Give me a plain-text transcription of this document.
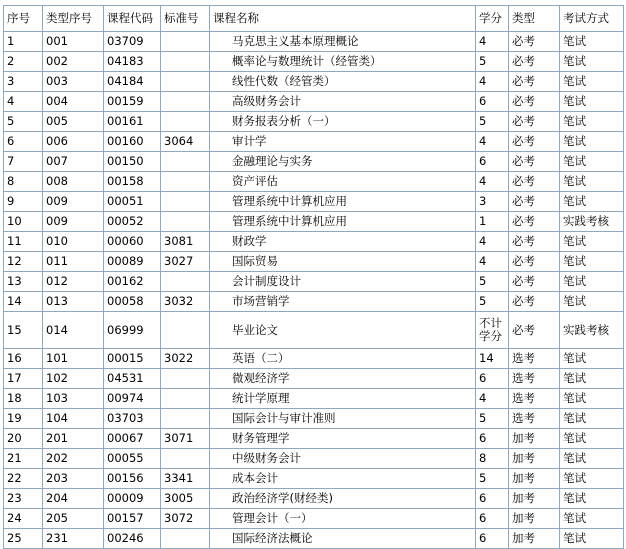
序号	类型序号	课程代码	标准号	课程名称	学分	类型	考试方式
1	001	03709		马克思主义基本原理概论	4	必考	笔试
2	002	04183		概率论与数理统计（经管类）	5	必考	笔试
3	003	04184		线性代数（经管类）	4	必考	笔试
4	004	00159		高级财务会计	6	必考	笔试
5	005	00161		财务报表分析（一）	5	必考	笔试
6	006	00160	3064	审计学	4	必考	笔试
7	007	00150		金融理论与实务	6	必考	笔试
8	008	00158		资产评估	4	必考	笔试
9	009	00051		管理系统中计算机应用	3	必考	笔试
10	009	00052		管理系统中计算机应用	1	必考	实践考核
11	010	00060	3081	财政学	4	必考	笔试
12	011	00089	3027	国际贸易	4	必考	笔试
13	012	00162		会计制度设计	5	必考	笔试
14	013	00058	3032	市场营销学	5	必考	笔试
15	014	06999		毕业论文	不计学分	必考	实践考核
16	101	00015	3022	英语（二）	14	选考	笔试
17	102	04531		微观经济学	6	选考	笔试
18	103	00974		统计学原理	4	选考	笔试
19	104	03703		国际会计与审计准则	5	选考	笔试
20	201	00067	3071	财务管理学	6	加考	笔试
21	202	00055		中级财务会计	8	加考	笔试
22	203	00156	3341	成本会计	5	加考	笔试
23	204	00009	3005	政治经济学(财经类)	6	加考	笔试
24	205	00157	3072	管理会计（一）	6	加考	笔试
25	231	00246		国际经济法概论	6	加考	笔试
